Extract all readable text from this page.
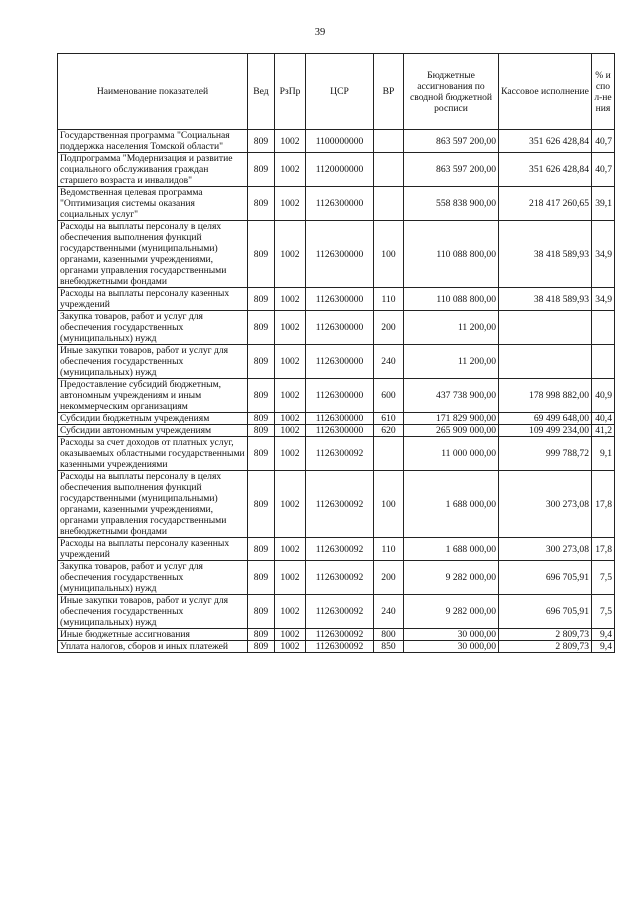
39
Наименование показателей	Вед	РзПр	ЦСР	ВР	Бюджетные ассигнования по сводной бюджетной росписи	Кассовое исполнение	% испол-нения
Государственная программа "Социальная поддержка населения Томской области"	809	1002	1100000000		863 597 200,00	351 626 428,84	40,7
Подпрограмма "Модернизация и развитие социального обслуживания граждан старшего возраста и инвалидов"	809	1002	1120000000		863 597 200,00	351 626 428,84	40,7
Ведомственная целевая программа "Оптимизация системы оказания социальных услуг"	809	1002	1126300000		558 838 900,00	218 417 260,65	39,1
Расходы на выплаты персоналу в целях обеспечения выполнения функций государственными (муниципальными) органами, казенными учреждениями, органами управления государственными внебюджетными фондами	809	1002	1126300000	100	110 088 800,00	38 418 589,93	34,9
Расходы на выплаты персоналу казенных учреждений	809	1002	1126300000	110	110 088 800,00	38 418 589,93	34,9
Закупка товаров, работ и услуг для обеспечения государственных (муниципальных) нужд	809	1002	1126300000	200	11 200,00		
Иные закупки товаров, работ и услуг для обеспечения государственных (муниципальных) нужд	809	1002	1126300000	240	11 200,00		
Предоставление субсидий бюджетным, автономным учреждениям и иным некоммерческим организациям	809	1002	1126300000	600	437 738 900,00	178 998 882,00	40,9
Субсидии бюджетным учреждениям	809	1002	1126300000	610	171 829 900,00	69 499 648,00	40,4
Субсидии автономным учреждениям	809	1002	1126300000	620	265 909 000,00	109 499 234,00	41,2
Расходы за счет доходов от платных услуг, оказываемых областными государственными казенными учреждениями	809	1002	1126300092		11 000 000,00	999 788,72	9,1
Расходы на выплаты персоналу в целях обеспечения выполнения функций государственными (муниципальными) органами, казенными учреждениями, органами управления государственными внебюджетными фондами	809	1002	1126300092	100	1 688 000,00	300 273,08	17,8
Расходы на выплаты персоналу казенных учреждений	809	1002	1126300092	110	1 688 000,00	300 273,08	17,8
Закупка товаров, работ и услуг для обеспечения государственных (муниципальных) нужд	809	1002	1126300092	200	9 282 000,00	696 705,91	7,5
Иные закупки товаров, работ и услуг для обеспечения государственных (муниципальных) нужд	809	1002	1126300092	240	9 282 000,00	696 705,91	7,5
Иные бюджетные ассигнования	809	1002	1126300092	800	30 000,00	2 809,73	9,4
Уплата налогов, сборов и иных платежей	809	1002	1126300092	850	30 000,00	2 809,73	9,4
